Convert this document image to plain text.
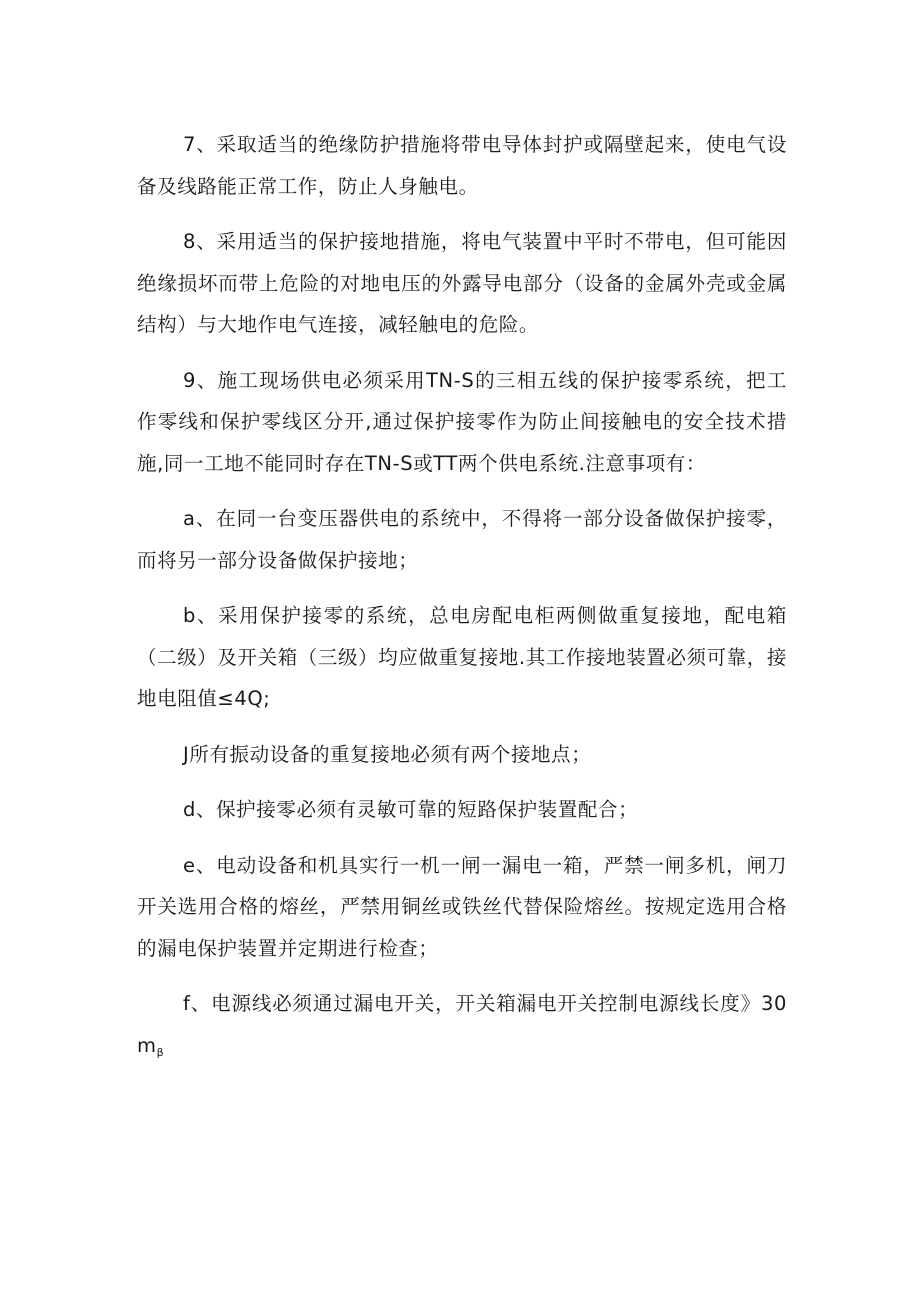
7、采取适当的绝缘防护措施将带电导体封护或隔壁起来，使电气设备及线路能正常工作，防止人身触电。

8、采用适当的保护接地措施，将电气装置中平时不带电，但可能因绝缘损坏而带上危险的对地电压的外露导电部分（设备的金属外壳或金属结构）与大地作电气连接，减轻触电的危险。

9、施工现场供电必须采用TN-S的三相五线的保护接零系统，把工作零线和保护零线区分开,通过保护接零作为防止间接触电的安全技术措施,同一工地不能同时存在TN-S或TT两个供电系统.注意事项有：

a、在同一台变压器供电的系统中，不得将一部分设备做保护接零，而将另一部分设备做保护接地；

b、采用保护接零的系统，总电房配电柜两侧做重复接地，配电箱（二级）及开关箱（三级）均应做重复接地.其工作接地装置必须可靠，接地电阻值≤4Q;

J所有振动设备的重复接地必须有两个接地点；

d、保护接零必须有灵敏可靠的短路保护装置配合；

e、电动设备和机具实行一机一闸一漏电一箱，严禁一闸多机，闸刀开关选用合格的熔丝，严禁用铜丝或铁丝代替保险熔丝。按规定选用合格的漏电保护装置并定期进行检查；

f、电源线必须通过漏电开关，开关箱漏电开关控制电源线长度》$30m_\beta$
